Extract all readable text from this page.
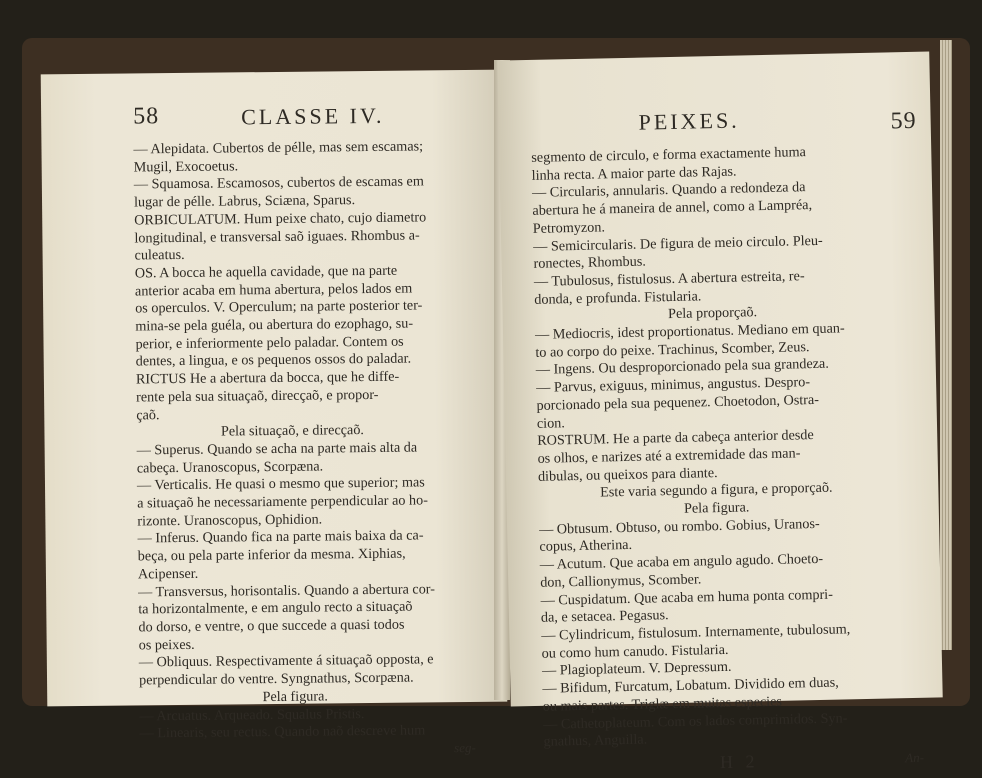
58	CLASSE IV.
— Alepidata. Cubertos de pélle, mas sem escamas;
Mugil, Exocoetus.
— Squamosa. Escamosos, cubertos de escamas em
lugar de pélle. Labrus, Sciæna, Sparus.
ORBICULATUM. Hum peixe chato, cujo diametro
longitudinal, e transversal saõ iguaes. Rhombus a-
culeatus.
OS. A bocca he aquella cavidade, que na parte
anterior acaba em huma abertura, pelos lados em
os operculos. V. Operculum; na parte posterior ter-
mina-se pela guéla, ou abertura do ezophago, su-
perior, e inferiormente pelo paladar. Contem os
dentes, a lingua, e os pequenos ossos do paladar.
RICTUS He a abertura da bocca, que he diffe-
rente pela sua situaçaõ, direcçaõ, e propor-
çaõ.
Pela situaçaõ, e direcçaõ.
— Superus. Quando se acha na parte mais alta da
cabeça. Uranoscopus, Scorpæna.
— Verticalis. He quasi o mesmo que superior; mas
a situaçaõ he necessariamente perpendicular ao ho-
rizonte. Uranoscopus, Ophidion.
— Inferus. Quando fica na parte mais baixa da ca-
beça, ou pela parte inferior da mesma. Xiphias,
Acipenser.
— Transversus, horisontalis. Quando a abertura cor-
ta horizontalmente, e em angulo recto a situaçaõ
do dorso, e ventre, o que succede a quasi todos
os peixes.
— Obliquus. Respectivamente á situaçaõ opposta, e
perpendicular do ventre. Syngnathus, Scorpæna.
Pela figura.
— Arcuatus. Arqueado. Squalus Pristis.
— Linearis, seu rectus. Quando naõ descreve hum
seg-
PEIXES.	59
segmento de circulo, e forma exactamente huma
linha recta. A maior parte das Rajas.
— Circularis, annularis. Quando a redondeza da
abertura he á maneira de annel, como a Lampréa,
Petromyzon.
— Semicircularis. De figura de meio circulo. Pleu-
ronectes, Rhombus.
— Tubulosus, fistulosus. A abertura estreita, re-
donda, e profunda. Fistularia.
Pela proporçaõ.
— Mediocris, idest proportionatus. Mediano em quan-
to ao corpo do peixe. Trachinus, Scomber, Zeus.
— Ingens. Ou desproporcionado pela sua grandeza.
— Parvus, exiguus, minimus, angustus. Despro-
porcionado pela sua pequenez. Choetodon, Ostra-
cion.
ROSTRUM. He a parte da cabeça anterior desde
os olhos, e narizes até a extremidade das man-
dibulas, ou queixos para diante.
Este varia segundo a figura, e proporçaõ.
Pela figura.
— Obtusum. Obtuso, ou rombo. Gobius, Uranos-
copus, Atherina.
— Acutum. Que acaba em angulo agudo. Choeto-
don, Callionymus, Scomber.
— Cuspidatum. Que acaba em huma ponta compri-
da, e setacea. Pegasus.
— Cylindricum, fistulosum. Internamente, tubulosum,
ou como hum canudo. Fistularia.
— Plagioplateum. V. Depressum.
— Bifidum, Furcatum, Lobatum. Dividido em duas,
ou mais partes. Triglæ em muitas especies
— Cathetoplateum. Com os lados comprimidos. Syn-
gnathus, Anguilla.
H 2	An-
